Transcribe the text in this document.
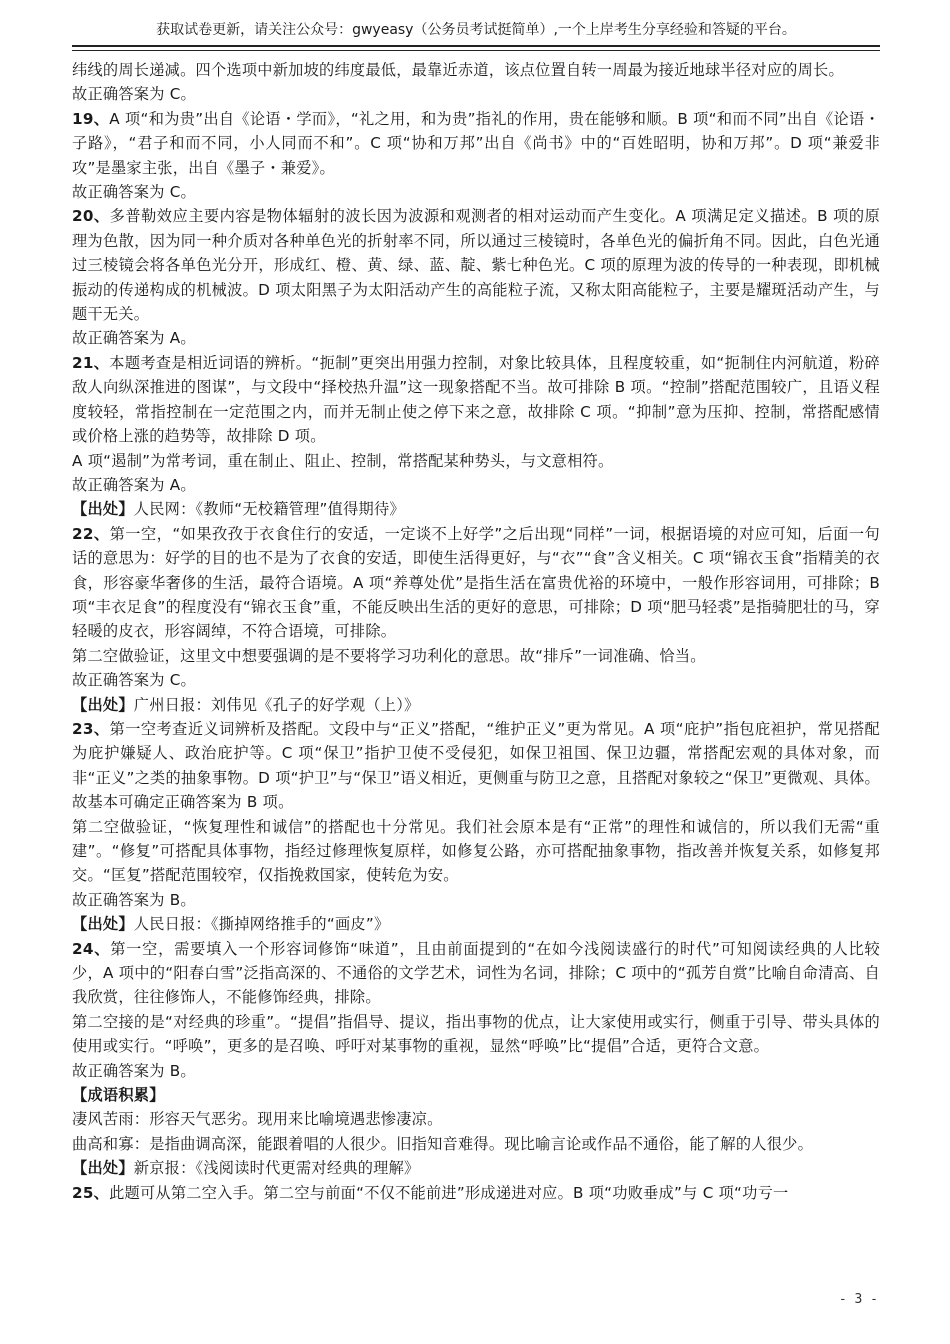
获取试卷更新，请关注公众号：gwyeasy（公务员考试挺简单）,一个上岸考生分享经验和答疑的平台。

纬线的周长递减。四个选项中新加坡的纬度最低，最靠近赤道，该点位置自转一周最为接近地球半径对应的周长。

故正确答案为 C。

19、A 项“和为贵”出自《论语・学而》，“礼之用，和为贵”指礼的作用，贵在能够和顺。B 项“和而不同”出自《论语・子路》，“君子和而不同，小人同而不和”。C 项“协和万邦”出自《尚书》中的“百姓昭明，协和万邦”。D 项“兼爱非攻”是墨家主张，出自《墨子・兼爱》。

故正确答案为 C。

20、多普勒效应主要内容是物体辐射的波长因为波源和观测者的相对运动而产生变化。A 项满足定义描述。B 项的原理为色散，因为同一种介质对各种单色光的折射率不同，所以通过三棱镜时，各单色光的偏折角不同。因此，白色光通过三棱镜会将各单色光分开，形成红、橙、黄、绿、蓝、靛、紫七种色光。C 项的原理为波的传导的一种表现，即机械振动的传递构成的机械波。D 项太阳黑子为太阳活动产生的高能粒子流，又称太阳高能粒子，主要是耀斑活动产生，与题干无关。

故正确答案为 A。

21、本题考查是相近词语的辨析。“扼制”更突出用强力控制，对象比较具体，且程度较重，如“扼制住内河航道，粉碎敌人向纵深推进的图谋”，与文段中“择校热升温”这一现象搭配不当。故可排除 B 项。“控制”搭配范围较广，且语义程度较轻，常指控制在一定范围之内，而并无制止使之停下来之意，故排除 C 项。“抑制”意为压抑、控制，常搭配感情或价格上涨的趋势等，故排除 D 项。

A 项“遏制”为常考词，重在制止、阻止、控制，常搭配某种势头，与文意相符。

故正确答案为 A。

【出处】人民网：《教师“无校籍管理”值得期待》

22、第一空，“如果孜孜于衣食住行的安适，一定谈不上好学”之后出现“同样”一词，根据语境的对应可知，后面一句话的意思为：好学的目的也不是为了衣食的安适，即使生活得更好，与“衣”“食”含义相关。C 项“锦衣玉食”指精美的衣食，形容豪华奢侈的生活，最符合语境。A 项“养尊处优”是指生活在富贵优裕的环境中，一般作形容词用，可排除；B 项“丰衣足食”的程度没有“锦衣玉食”重，不能反映出生活的更好的意思，可排除；D 项“肥马轻裘”是指骑肥壮的马，穿轻暖的皮衣，形容阔绰，不符合语境，可排除。

第二空做验证，这里文中想要强调的是不要将学习功利化的意思。故“排斥”一词准确、恰当。

故正确答案为 C。

【出处】广州日报：刘伟见《孔子的好学观（上）》

23、第一空考查近义词辨析及搭配。文段中与“正义”搭配，“维护正义”更为常见。A 项“庇护”指包庇袒护，常见搭配为庇护嫌疑人、政治庇护等。C 项“保卫”指护卫使不受侵犯，如保卫祖国、保卫边疆，常搭配宏观的具体对象，而非“正义”之类的抽象事物。D 项“护卫”与“保卫”语义相近，更侧重与防卫之意，且搭配对象较之“保卫”更微观、具体。故基本可确定正确答案为 B 项。

第二空做验证，“恢复理性和诚信”的搭配也十分常见。我们社会原本是有“正常”的理性和诚信的，所以我们无需“重建”。“修复”可搭配具体事物，指经过修理恢复原样，如修复公路，亦可搭配抽象事物，指改善并恢复关系，如修复邦交。“匡复”搭配范围较窄，仅指挽救国家，使转危为安。

故正确答案为 B。

【出处】人民日报：《撕掉网络推手的“画皮”》

24、第一空，需要填入一个形容词修饰“味道”，且由前面提到的“在如今浅阅读盛行的时代”可知阅读经典的人比较少，A 项中的“阳春白雪”泛指高深的、不通俗的文学艺术，词性为名词，排除；C 项中的“孤芳自赏”比喻自命清高、自我欣赏，往往修饰人，不能修饰经典，排除。

第二空接的是“对经典的珍重”。“提倡”指倡导、提议，指出事物的优点，让大家使用或实行，侧重于引导、带头具体的使用或实行。“呼唤”，更多的是召唤、呼吁对某事物的重视，显然“呼唤”比“提倡”合适，更符合文意。

故正确答案为 B。

【成语积累】

凄风苦雨：形容天气恶劣。现用来比喻境遇悲惨凄凉。

曲高和寡：是指曲调高深，能跟着唱的人很少。旧指知音难得。现比喻言论或作品不通俗，能了解的人很少。

【出处】新京报：《浅阅读时代更需对经典的理解》

25、此题可从第二空入手。第二空与前面“不仅不能前进”形成递进对应。B 项“功败垂成”与 C 项“功亏一

- 3 -
